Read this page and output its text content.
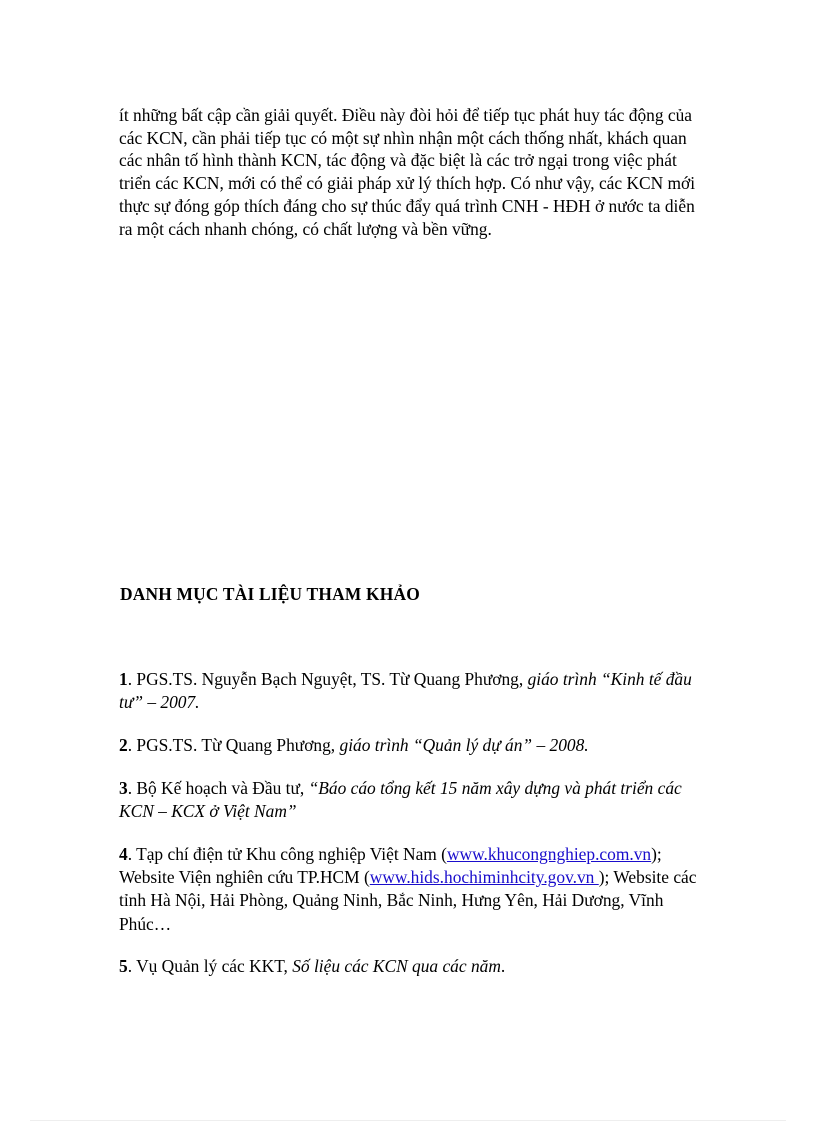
ít những bất cập cần giải quyết. Điều này đòi hỏi để tiếp tục phát huy tác động của các KCN, cần phải tiếp tục có một sự nhìn nhận một cách thống nhất, khách quan các nhân tố hình thành KCN, tác động và đặc biệt là các trở ngại trong việc phát triển các KCN, mới có thể có giải pháp xử lý thích hợp. Có như vậy, các KCN mới thực sự đóng góp thích đáng cho sự thúc đẩy quá trình CNH - HĐH ở nước ta diễn ra một cách nhanh chóng, có chất lượng và bền vững.

DANH MỤC TÀI LIỆU THAM KHẢO

1. PGS.TS. Nguyễn Bạch Nguyệt, TS. Từ Quang Phương, giáo trình “Kinh tế đầu tư” – 2007.

2. PGS.TS. Từ Quang Phương, giáo trình “Quản lý dự án” – 2008.

3. Bộ Kế hoạch và Đầu tư, “Báo cáo tổng kết 15 năm xây dựng và phát triển các KCN – KCX ở Việt Nam”

4. Tạp chí điện tử Khu công nghiệp Việt Nam (www.khucongnghiep.com.vn); Website Viện nghiên cứu TP.HCM (www.hids.hochiminhcity.gov.vn ); Website các tỉnh Hà Nội, Hải Phòng, Quảng Ninh, Bắc Ninh, Hưng Yên, Hải Dương, Vĩnh Phúc…

5. Vụ Quản lý các KKT, Số liệu các KCN qua các năm.
